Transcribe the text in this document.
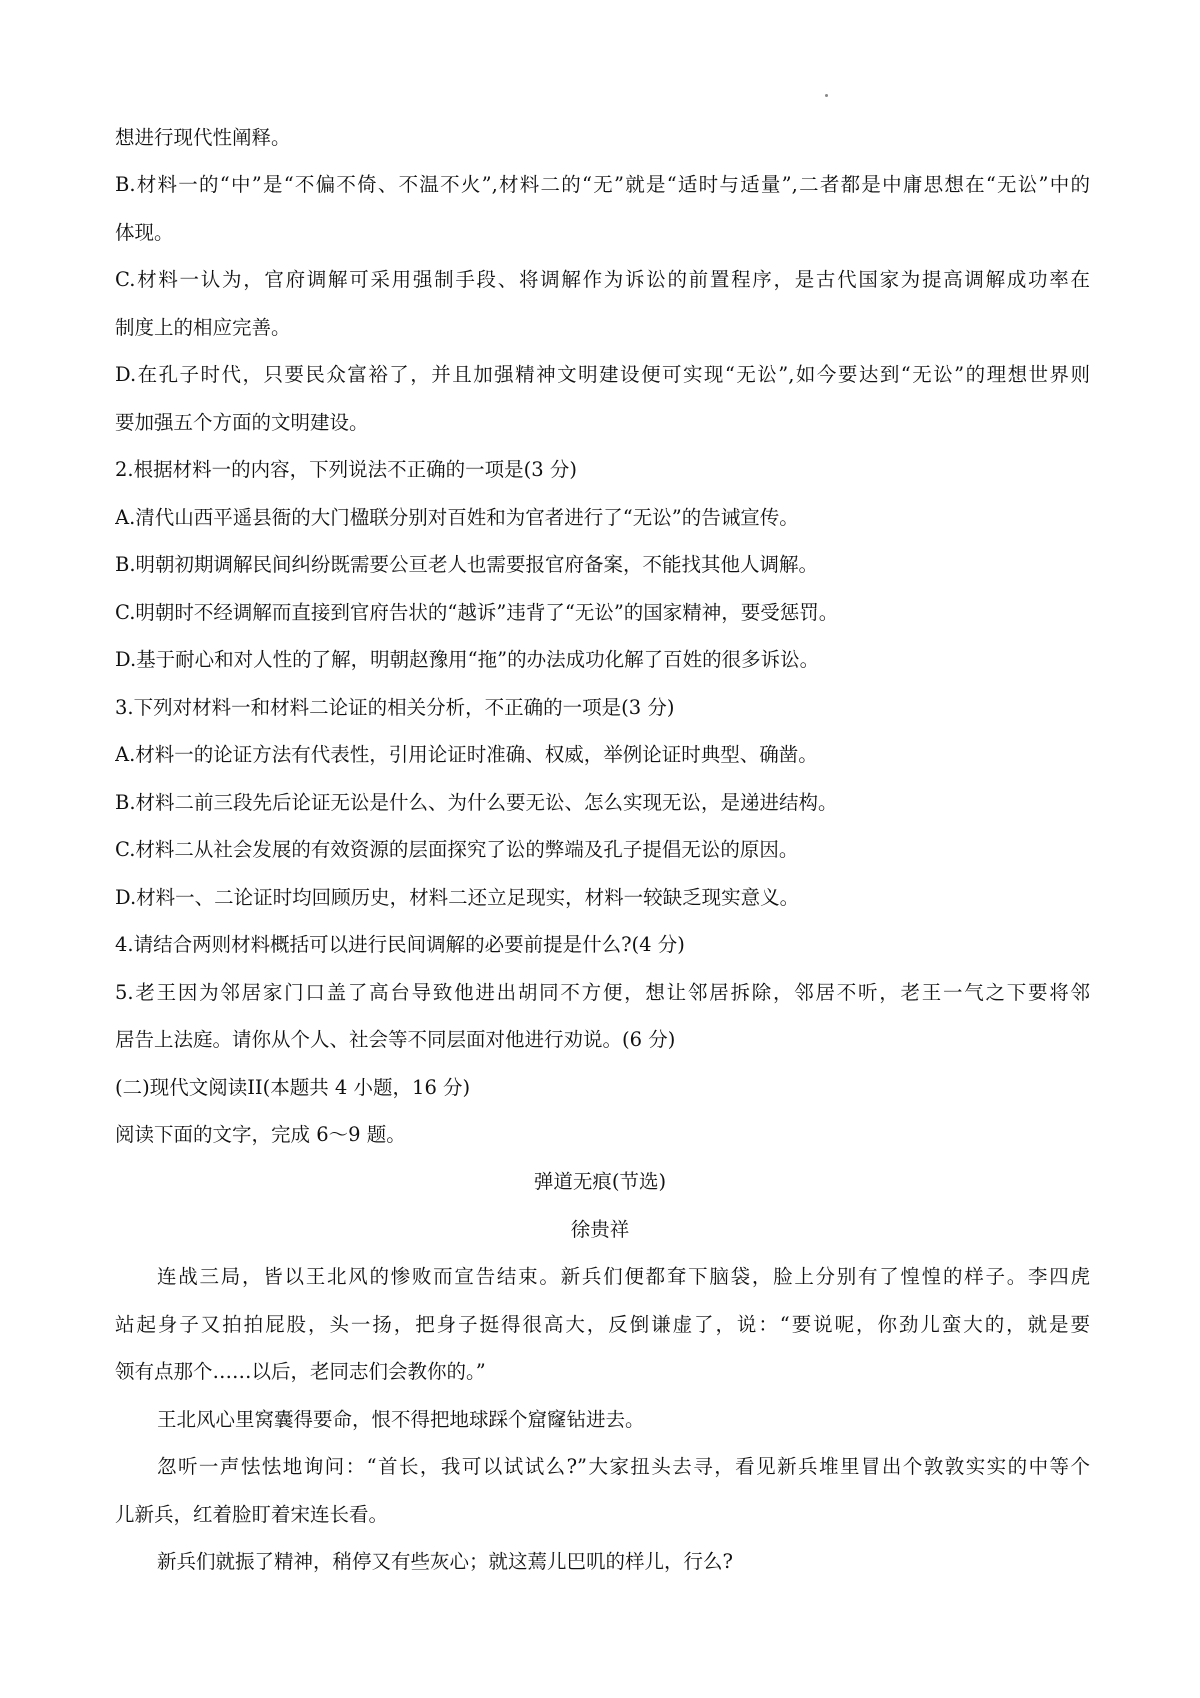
想进行现代性阐释。
B.材料一的“中”是“不偏不倚、不温不火”,材料二的“无”就是“适时与适量”,二者都是中庸思想在“无讼”中的
体现。
C.材料一认为，官府调解可采用强制手段、将调解作为诉讼的前置程序，是古代国家为提高调解成功率在
制度上的相应完善。
D.在孔子时代，只要民众富裕了，并且加强精神文明建设便可实现“无讼”,如今要达到“无讼”的理想世界则
要加强五个方面的文明建设。
2.根据材料一的内容，下列说法不正确的一项是(3 分)
A.清代山西平遥县衙的大门楹联分别对百姓和为官者进行了“无讼”的告诫宣传。
B.明朝初期调解民间纠纷既需要公亘老人也需要报官府备案，不能找其他人调解。
C.明朝时不经调解而直接到官府告状的“越诉”违背了“无讼”的国家精神，要受惩罚。
D.基于耐心和对人性的了解，明朝赵豫用“拖”的办法成功化解了百姓的很多诉讼。
3.下列对材料一和材料二论证的相关分析，不正确的一项是(3 分)
A.材料一的论证方法有代表性，引用论证时准确、权威，举例论证时典型、确凿。
B.材料二前三段先后论证无讼是什么、为什么要无讼、怎么实现无讼，是递进结构。
C.材料二从社会发展的有效资源的层面探究了讼的弊端及孔子提倡无讼的原因。
D.材料一、二论证时均回顾历史，材料二还立足现实，材料一较缺乏现实意义。
4.请结合两则材料概括可以进行民间调解的必要前提是什么?(4 分)
5.老王因为邻居家门口盖了高台导致他进出胡同不方便，想让邻居拆除，邻居不听，老王一气之下要将邻
居告上法庭。请你从个人、社会等不同层面对他进行劝说。(6 分)
(二)现代文阅读II(本题共 4 小题，16 分)
阅读下面的文字，完成 6～9 题。
弹道无痕(节选)
徐贵祥
连战三局，皆以王北风的惨败而宣告结束。新兵们便都耷下脑袋，脸上分别有了惶惶的样子。李四虎
站起身子又拍拍屁股，头一扬，把身子挺得很高大，反倒谦虚了，说：“要说呢，你劲儿蛮大的，就是要
领有点那个……以后，老同志们会教你的。”
王北风心里窝囊得要命，恨不得把地球踩个窟窿钻进去。
忽听一声怯怯地询问：“首长，我可以试试么?”大家扭头去寻，看见新兵堆里冒出个敦敦实实的中等个
儿新兵，红着脸盯着宋连长看。
新兵们就振了精神，稍停又有些灰心；就这蔫儿巴叽的样儿，行么?
